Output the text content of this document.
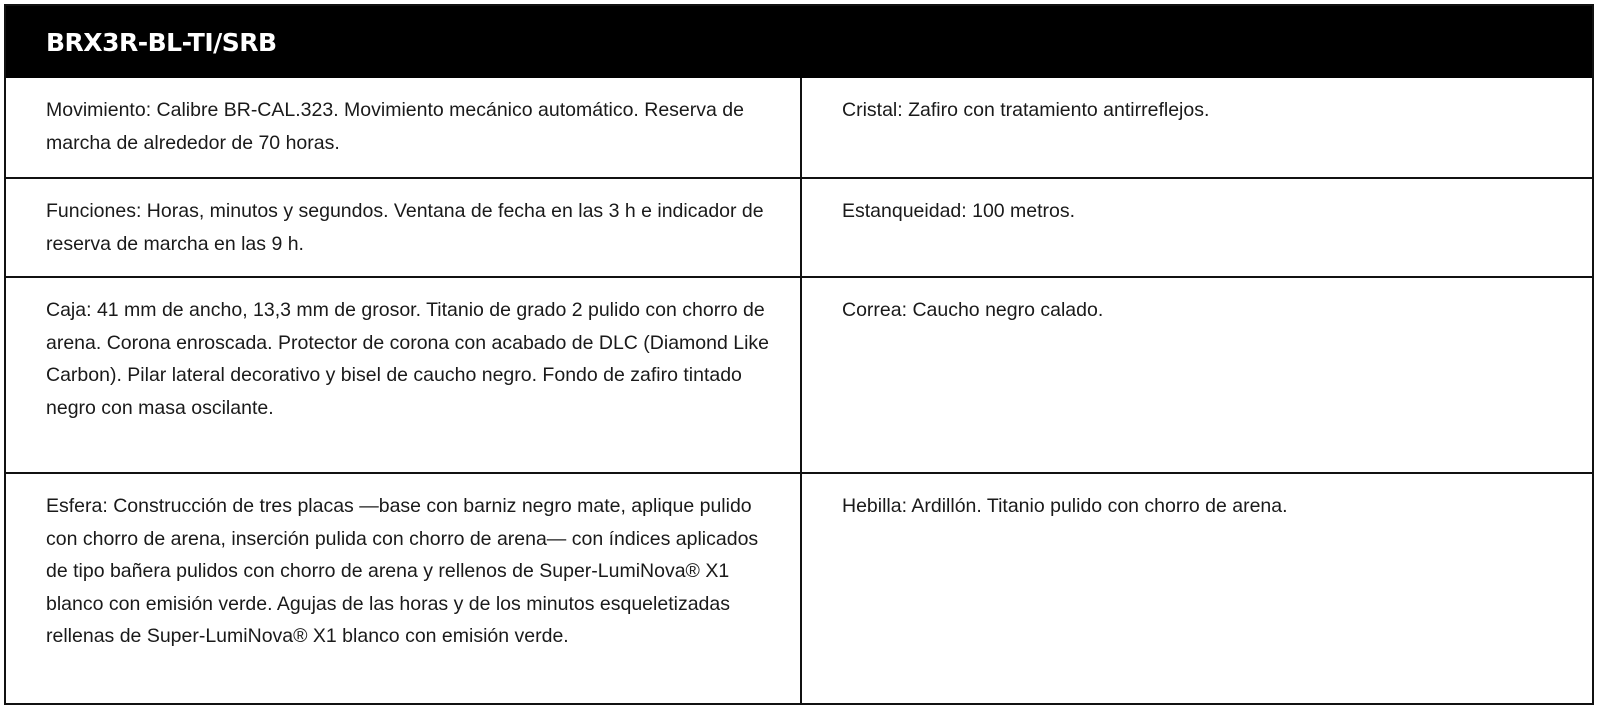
BRX3R-BL-TI/SRB
Movimiento: Calibre BR-CAL.323. Movimiento mecánico automático. Reserva de marcha de alrededor de 70 horas.
Cristal: Zafiro con tratamiento antirreflejos.
Funciones: Horas, minutos y segundos. Ventana de fecha en las 3 h e indicador de reserva de marcha en las 9 h.
Estanqueidad: 100 metros.
Caja: 41 mm de ancho, 13,3 mm de grosor. Titanio de grado 2 pulido con chorro de arena. Corona enroscada. Protector de corona con acabado de DLC (Diamond Like Carbon). Pilar lateral decorativo y bisel de caucho negro. Fondo de zafiro tintado negro con masa oscilante.
Correa: Caucho negro calado.
Esfera: Construcción de tres placas —base con barniz negro mate, aplique pulido con chorro de arena, inserción pulida con chorro de arena— con índices aplicados de tipo bañera pulidos con chorro de arena y rellenos de Super-LumiNova® X1 blanco con emisión verde. Agujas de las horas y de los minutos esqueletizadas rellenas de Super-LumiNova® X1 blanco con emisión verde.
Hebilla: Ardillón. Titanio pulido con chorro de arena.
